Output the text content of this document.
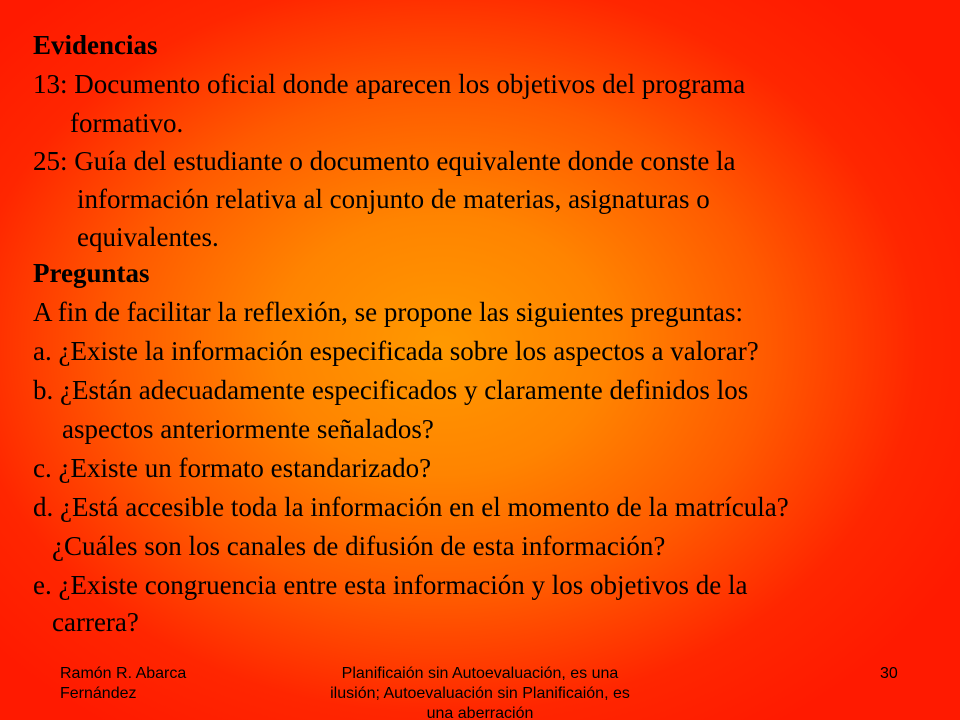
Evidencias
13: Documento oficial donde aparecen los objetivos del programa
formativo.
25: Guía del estudiante o documento equivalente donde conste la
información relativa al conjunto de materias, asignaturas o
equivalentes.
Preguntas
A fin de facilitar la reflexión, se propone las siguientes preguntas:
a. ¿Existe la información especificada sobre los aspectos a valorar?
b. ¿Están adecuadamente especificados y claramente definidos los
aspectos anteriormente señalados?
c. ¿Existe un formato estandarizado?
d. ¿Está accesible toda la información en el momento de la matrícula?
¿Cuáles son los canales de difusión de esta información?
e. ¿Existe congruencia entre esta información y los objetivos de la
carrera?
Ramón R. Abarca Fernández
Planificaión sin Autoevaluación, es una ilusión; Autoevaluación sin Planificaión, es una aberración
30
